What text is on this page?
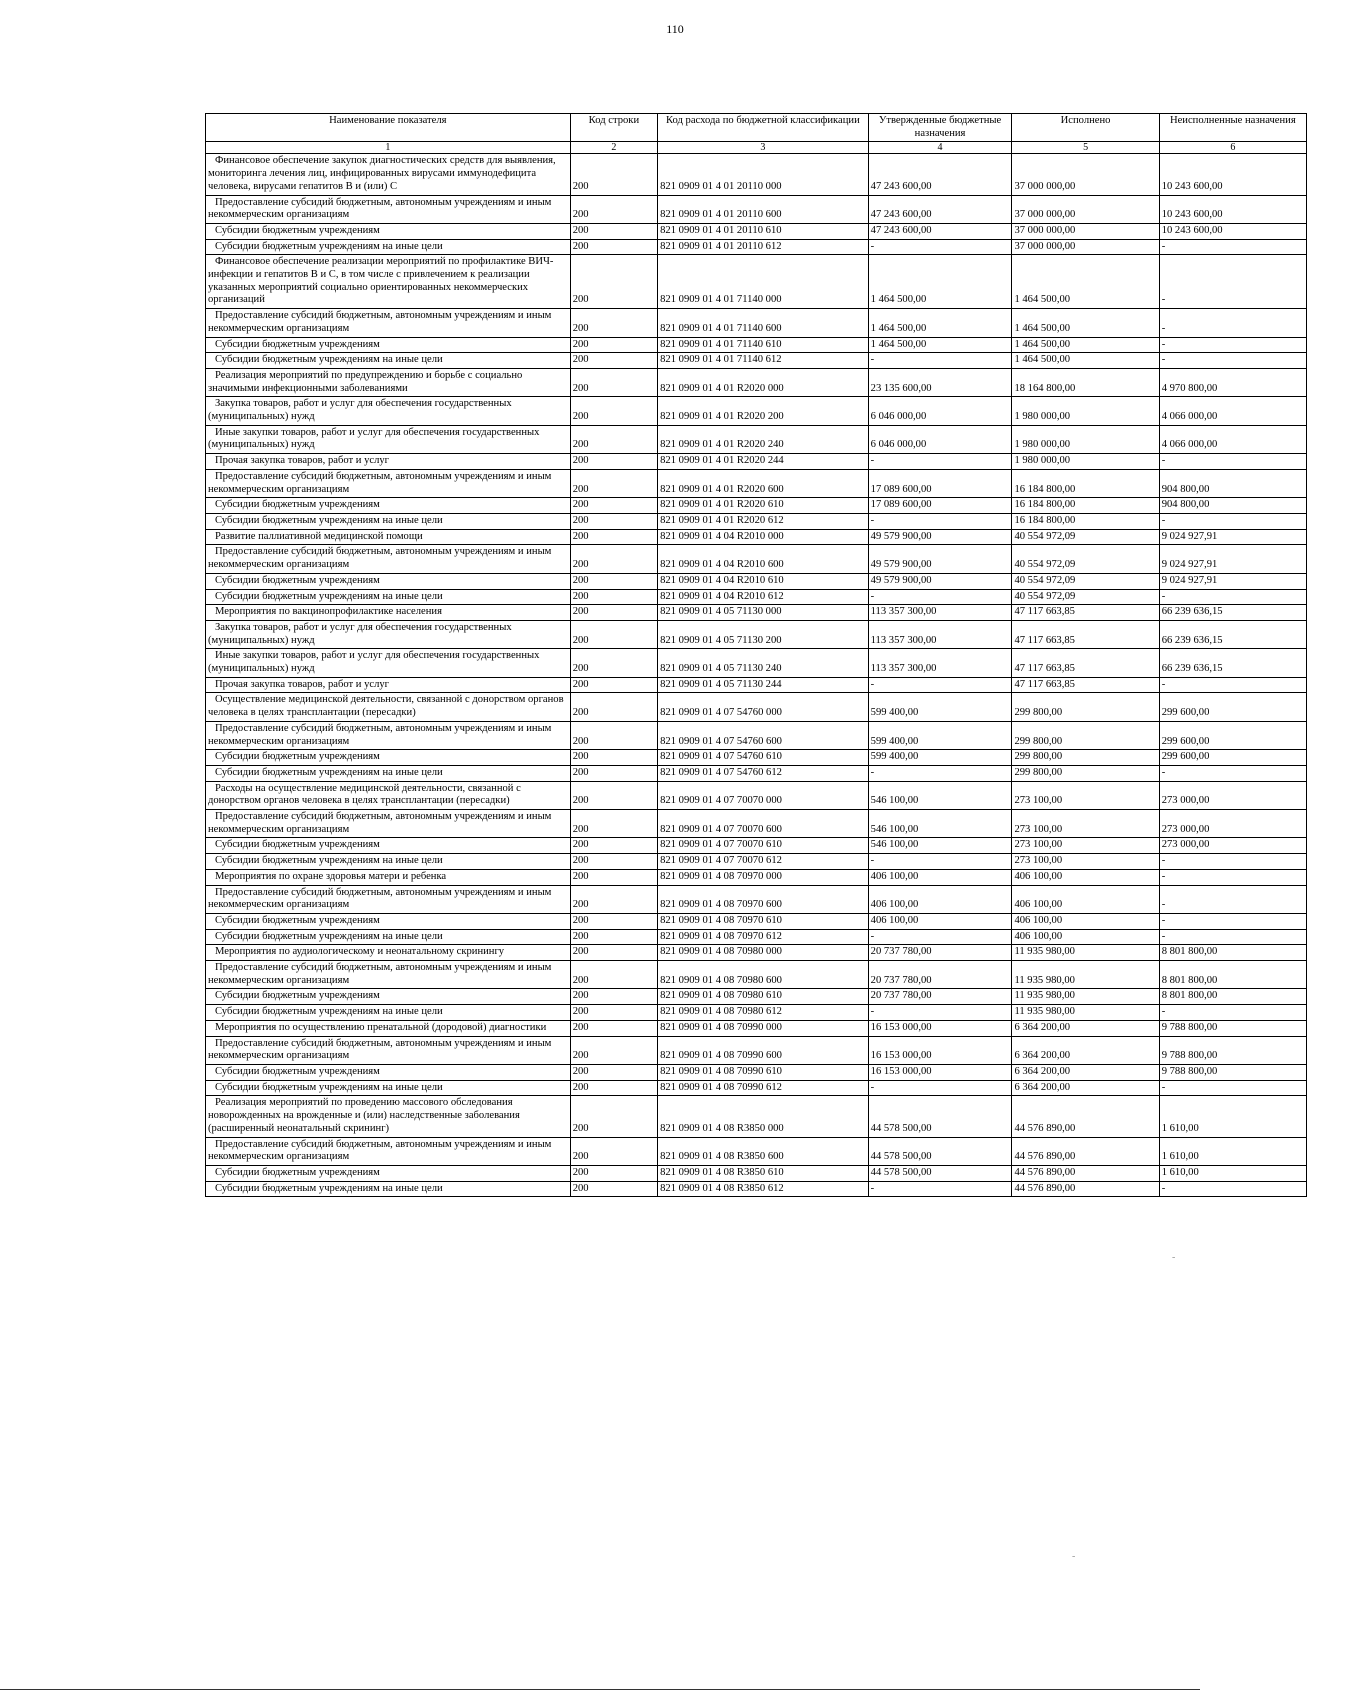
110
Наименование показателя	Код строки	Код расхода по бюджетной классификации	Утвержденные бюджетные назначения	Исполнено	Неисполненные назначения
1	2	3	4	5	6
Финансовое обеспечение закупок диагностических средств для выявления, мониторинга лечения лиц, инфицированных вирусами иммунодефицита человека, вирусами гепатитов В и (или) С	200	821 0909 01 4 01 20110 000	47 243 600,00	37 000 000,00	10 243 600,00
Предоставление субсидий бюджетным, автономным учреждениям и иным некоммерческим организациям	200	821 0909 01 4 01 20110 600	47 243 600,00	37 000 000,00	10 243 600,00
Субсидии бюджетным учреждениям	200	821 0909 01 4 01 20110 610	47 243 600,00	37 000 000,00	10 243 600,00
Субсидии бюджетным учреждениям на иные цели	200	821 0909 01 4 01 20110 612	-	37 000 000,00	-
Финансовое обеспечение реализации мероприятий по профилактике ВИЧ-инфекции и гепатитов В и С, в том числе с привлечением к реализации указанных мероприятий социально ориентированных некоммерческих организаций	200	821 0909 01 4 01 71140 000	1 464 500,00	1 464 500,00	-
Предоставление субсидий бюджетным, автономным учреждениям и иным некоммерческим организациям	200	821 0909 01 4 01 71140 600	1 464 500,00	1 464 500,00	-
Субсидии бюджетным учреждениям	200	821 0909 01 4 01 71140 610	1 464 500,00	1 464 500,00	-
Субсидии бюджетным учреждениям на иные цели	200	821 0909 01 4 01 71140 612	-	1 464 500,00	-
Реализация мероприятий по предупреждению и борьбе с социально значимыми инфекционными заболеваниями	200	821 0909 01 4 01 R2020 000	23 135 600,00	18 164 800,00	4 970 800,00
Закупка товаров, работ и услуг для обеспечения государственных (муниципальных) нужд	200	821 0909 01 4 01 R2020 200	6 046 000,00	1 980 000,00	4 066 000,00
Иные закупки товаров, работ и услуг для обеспечения государственных (муниципальных) нужд	200	821 0909 01 4 01 R2020 240	6 046 000,00	1 980 000,00	4 066 000,00
Прочая закупка товаров, работ и услуг	200	821 0909 01 4 01 R2020 244	-	1 980 000,00	-
Предоставление субсидий бюджетным, автономным учреждениям и иным некоммерческим организациям	200	821 0909 01 4 01 R2020 600	17 089 600,00	16 184 800,00	904 800,00
Субсидии бюджетным учреждениям	200	821 0909 01 4 01 R2020 610	17 089 600,00	16 184 800,00	904 800,00
Субсидии бюджетным учреждениям на иные цели	200	821 0909 01 4 01 R2020 612	-	16 184 800,00	-
Развитие паллиативной медицинской помощи	200	821 0909 01 4 04 R2010 000	49 579 900,00	40 554 972,09	9 024 927,91
Предоставление субсидий бюджетным, автономным учреждениям и иным некоммерческим организациям	200	821 0909 01 4 04 R2010 600	49 579 900,00	40 554 972,09	9 024 927,91
Субсидии бюджетным учреждениям	200	821 0909 01 4 04 R2010 610	49 579 900,00	40 554 972,09	9 024 927,91
Субсидии бюджетным учреждениям на иные цели	200	821 0909 01 4 04 R2010 612	-	40 554 972,09	-
Мероприятия по вакцинопрофилактике населения	200	821 0909 01 4 05 71130 000	113 357 300,00	47 117 663,85	66 239 636,15
Закупка товаров, работ и услуг для обеспечения государственных (муниципальных) нужд	200	821 0909 01 4 05 71130 200	113 357 300,00	47 117 663,85	66 239 636,15
Иные закупки товаров, работ и услуг для обеспечения государственных (муниципальных) нужд	200	821 0909 01 4 05 71130 240	113 357 300,00	47 117 663,85	66 239 636,15
Прочая закупка товаров, работ и услуг	200	821 0909 01 4 05 71130 244	-	47 117 663,85	-
Осуществление медицинской деятельности, связанной с донорством органов человека в целях трансплантации (пересадки)	200	821 0909 01 4 07 54760 000	599 400,00	299 800,00	299 600,00
Предоставление субсидий бюджетным, автономным учреждениям и иным некоммерческим организациям	200	821 0909 01 4 07 54760 600	599 400,00	299 800,00	299 600,00
Субсидии бюджетным учреждениям	200	821 0909 01 4 07 54760 610	599 400,00	299 800,00	299 600,00
Субсидии бюджетным учреждениям на иные цели	200	821 0909 01 4 07 54760 612	-	299 800,00	-
Расходы на осуществление медицинской деятельности, связанной с донорством органов человека в целях трансплантации (пересадки)	200	821 0909 01 4 07 70070 000	546 100,00	273 100,00	273 000,00
Предоставление субсидий бюджетным, автономным учреждениям и иным некоммерческим организациям	200	821 0909 01 4 07 70070 600	546 100,00	273 100,00	273 000,00
Субсидии бюджетным учреждениям	200	821 0909 01 4 07 70070 610	546 100,00	273 100,00	273 000,00
Субсидии бюджетным учреждениям на иные цели	200	821 0909 01 4 07 70070 612	-	273 100,00	-
Мероприятия по охране здоровья матери и ребенка	200	821 0909 01 4 08 70970 000	406 100,00	406 100,00	-
Предоставление субсидий бюджетным, автономным учреждениям и иным некоммерческим организациям	200	821 0909 01 4 08 70970 600	406 100,00	406 100,00	-
Субсидии бюджетным учреждениям	200	821 0909 01 4 08 70970 610	406 100,00	406 100,00	-
Субсидии бюджетным учреждениям на иные цели	200	821 0909 01 4 08 70970 612	-	406 100,00	-
Мероприятия по аудиологическому и неонатальному скринингу	200	821 0909 01 4 08 70980 000	20 737 780,00	11 935 980,00	8 801 800,00
Предоставление субсидий бюджетным, автономным учреждениям и иным некоммерческим организациям	200	821 0909 01 4 08 70980 600	20 737 780,00	11 935 980,00	8 801 800,00
Субсидии бюджетным учреждениям	200	821 0909 01 4 08 70980 610	20 737 780,00	11 935 980,00	8 801 800,00
Субсидии бюджетным учреждениям на иные цели	200	821 0909 01 4 08 70980 612	-	11 935 980,00	-
Мероприятия по осуществлению пренатальной (дородовой) диагностики	200	821 0909 01 4 08 70990 000	16 153 000,00	6 364 200,00	9 788 800,00
Предоставление субсидий бюджетным, автономным учреждениям и иным некоммерческим организациям	200	821 0909 01 4 08 70990 600	16 153 000,00	6 364 200,00	9 788 800,00
Субсидии бюджетным учреждениям	200	821 0909 01 4 08 70990 610	16 153 000,00	6 364 200,00	9 788 800,00
Субсидии бюджетным учреждениям на иные цели	200	821 0909 01 4 08 70990 612	-	6 364 200,00	-
Реализация мероприятий по проведению массового обследования новорожденных на врожденные и (или) наследственные заболевания (расширенный неонатальный скрининг)	200	821 0909 01 4 08 R3850 000	44 578 500,00	44 576 890,00	1 610,00
Предоставление субсидий бюджетным, автономным учреждениям и иным некоммерческим организациям	200	821 0909 01 4 08 R3850 600	44 578 500,00	44 576 890,00	1 610,00
Субсидии бюджетным учреждениям	200	821 0909 01 4 08 R3850 610	44 578 500,00	44 576 890,00	1 610,00
Субсидии бюджетным учреждениям на иные цели	200	821 0909 01 4 08 R3850 612	-	44 576 890,00	-
-
-
